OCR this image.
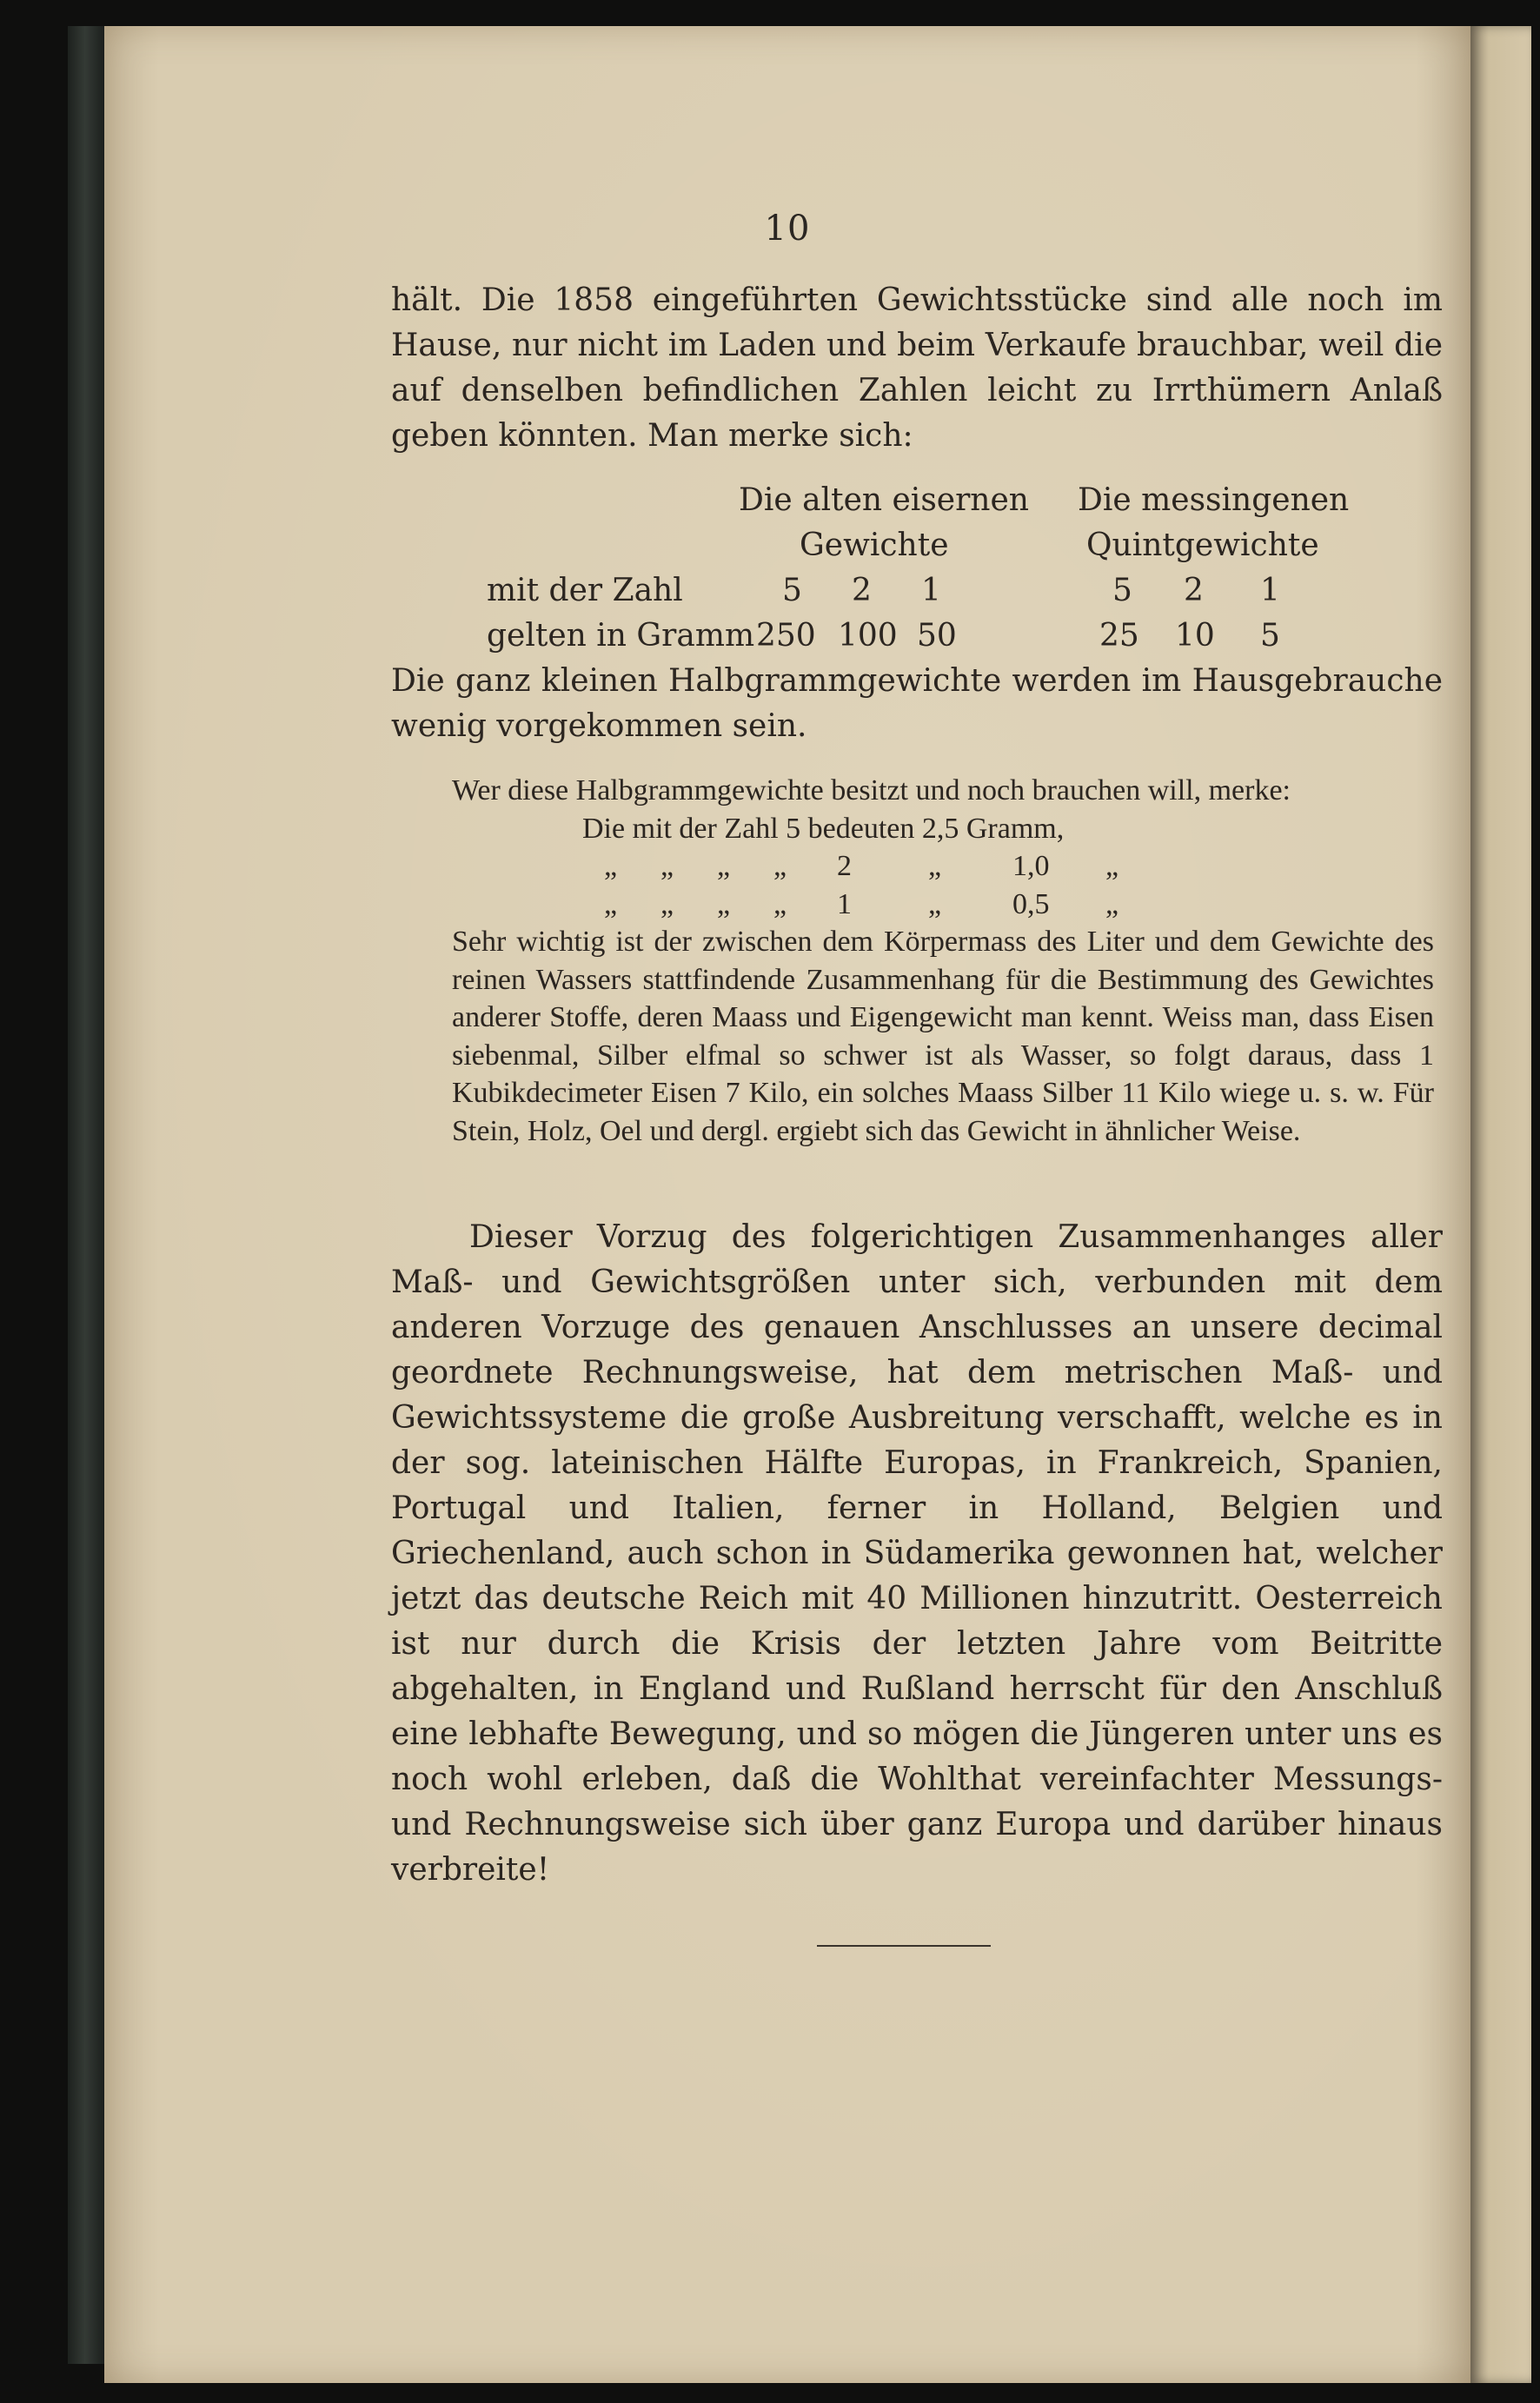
10

hält. Die 1858 eingeführten Gewichtsstücke sind alle noch im Hause, nur nicht im Laden und beim Verkaufe brauchbar, weil die auf denselben befindlichen Zahlen leicht zu Irrthümern Anlaß geben könnten. Man merke sich:

Die alten eisernen Die messingenen
Gewichte	Quintgewichte
mit der Zahl	5 2 1	5 2 1
gelten in Gramm 250 100 50	25 10 5

Die ganz kleinen Halbgrammgewichte werden im Hausgebrauche wenig vorgekommen sein.

Wer diese Halbgrammgewichte besitzt und noch brauchen will, merke:
Die mit der Zahl 5 bedeuten 2,5 Gramm,
„ „ „ „ 2	„ 1,0 „
„ „ „ „ 1	„ 0,5 „

Sehr wichtig ist der zwischen dem Körpermass des Liter und dem Gewichte des reinen Wassers stattfindende Zusammenhang für die Bestimmung des Gewichtes anderer Stoffe, deren Maass und Eigengewicht man kennt. Weiss man, dass Eisen siebenmal, Silber elfmal so schwer ist als Wasser, so folgt daraus, dass 1 Kubikdecimeter Eisen 7 Kilo, ein solches Maass Silber 11 Kilo wiege u. s. w. Für Stein, Holz, Oel und dergl. ergiebt sich das Gewicht in ähnlicher Weise.

Dieser Vorzug des folgerichtigen Zusammenhanges aller Maß- und Gewichtsgrößen unter sich, verbunden mit dem anderen Vorzuge des genauen Anschlusses an unsere decimal geordnete Rechnungsweise, hat dem metrischen Maß- und Gewichtssysteme die große Ausbreitung verschafft, welche es in der sog. lateinischen Hälfte Europas, in Frankreich, Spanien, Portugal und Italien, ferner in Holland, Belgien und Griechenland, auch schon in Südamerika gewonnen hat, welcher jetzt das deutsche Reich mit 40 Millionen hinzutritt. Oesterreich ist nur durch die Krisis der letzten Jahre vom Beitritte abgehalten, in England und Rußland herrscht für den Anschluß eine lebhafte Bewegung, und so mögen die Jüngeren unter uns es noch wohl erleben, daß die Wohlthat vereinfachter Messungs- und Rechnungsweise sich über ganz Europa und darüber hinaus verbreite!
